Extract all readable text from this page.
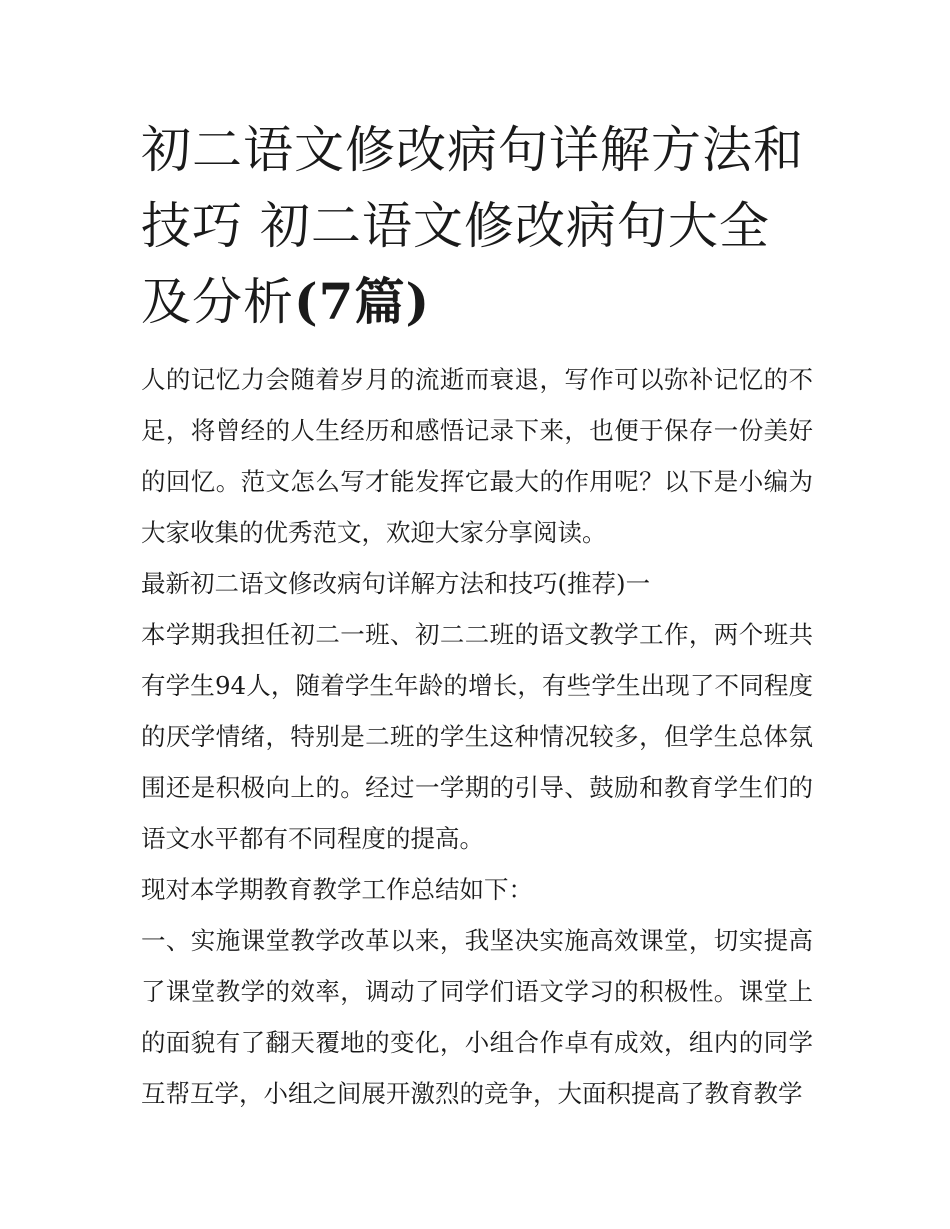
初二语文修改病句详解方法和技巧 初二语文修改病句大全及分析(7篇)

人的记忆力会随着岁月的流逝而衰退，写作可以弥补记忆的不足，将曾经的人生经历和感悟记录下来，也便于保存一份美好的回忆。范文怎么写才能发挥它最大的作用呢？以下是小编为大家收集的优秀范文，欢迎大家分享阅读。

最新初二语文修改病句详解方法和技巧(推荐)一

本学期我担任初二一班、初二二班的语文教学工作，两个班共有学生94人，随着学生年龄的增长，有些学生出现了不同程度的厌学情绪，特别是二班的学生这种情况较多，但学生总体氛围还是积极向上的。经过一学期的引导、鼓励和教育学生们的语文水平都有不同程度的提高。

现对本学期教育教学工作总结如下：

一、实施课堂教学改革以来，我坚决实施高效课堂，切实提高了课堂教学的效率，调动了同学们语文学习的积极性。课堂上的面貌有了翻天覆地的变化，小组合作卓有成效，组内的同学互帮互学，小组之间展开激烈的竞争，大面积提高了教育教学
